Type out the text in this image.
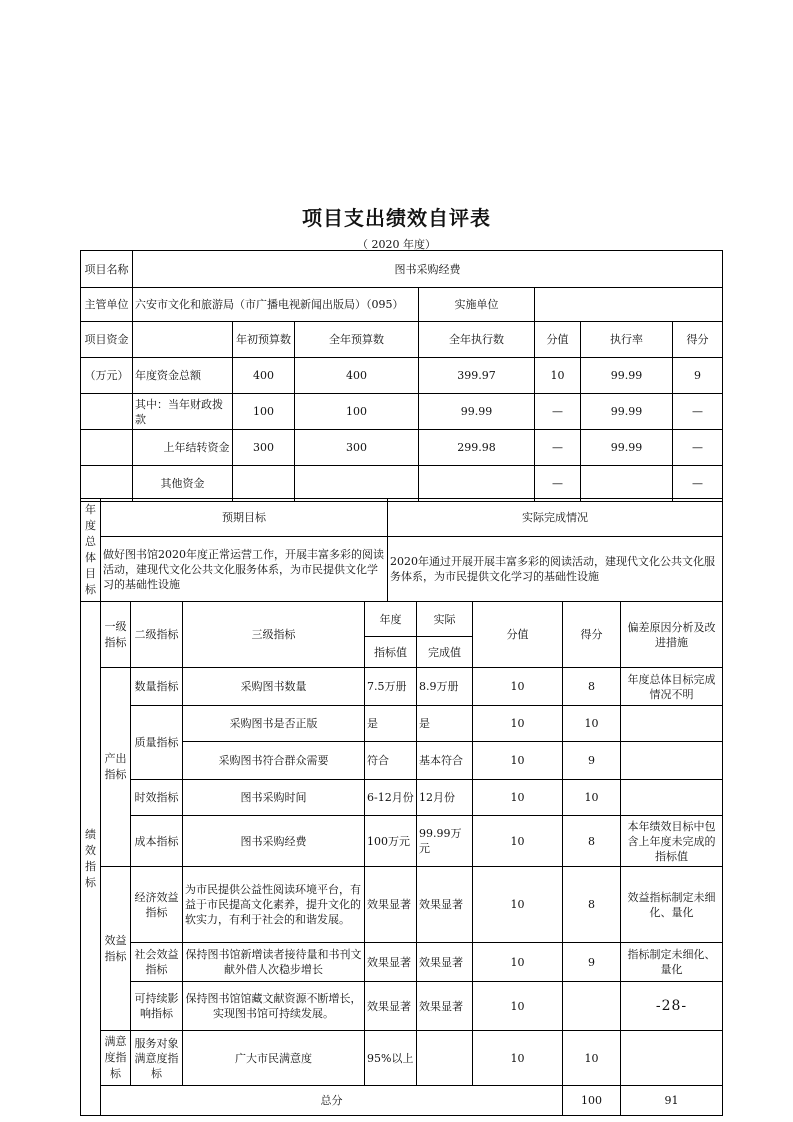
项目支出绩效自评表
（ 2020 年度）
项目名称	图书采购经费						
主管单位	六安市文化和旅游局（市广播电视新闻出版局）（095）			实施单位			
项目资金		年初预算数	全年预算数	全年执行数	分值	执行率	得分
（万元）	年度资金总额	400	400	399.97	10	99.99	9
	其中：当年财政拨款	100	100	99.99	—	99.99	—
	上年结转资金	300	300	299.98	—	99.99	—
	其他资金				—		—
年度总体目标	预期目标	实际完成情况
	做好图书馆2020年度正常运营工作，开展丰富多彩的阅读活动，建现代文化公共文化服务体系，为市民提供文化学习的基础性设施	2020年通过开展开展丰富多彩的阅读活动，建现代文化公共文化服务体系，为市民提供文化学习的基础性设施
绩效指标	一级指标	二级指标	三级指标	年度	实际	分值	得分	偏差原因分析及改进措施	
				指标值	完成值				
	产出指标	数量指标	采购图书数量	7.5万册	8.9万册	10	8	年度总体目标完成情况不明	
		质量指标	采购图书是否正版	是	是	10	10		
			采购图书符合群众需要	符合	基本符合	10	9		
		时效指标	图书采购时间	6-12月份	12月份	10	10		
		成本指标	图书采购经费	100万元	99.99万元	10	8	本年绩效目标中包含上年度未完成的指标值	
	效益指标	经济效益指标	为市民提供公益性阅读环境平台，有益于市民提高文化素养，提升文化的软实力，有利于社会的和谐发展。	效果显著	效果显著	10	8	效益指标制定未细化、量化	
		社会效益指标	保持图书馆新增读者接待量和书刊文献外借人次稳步增长	效果显著	效果显著	10	9	指标制定未细化、量化	
		可持续影响指标	保持图书馆馆藏文献资源不断增长，实现图书馆可持续发展。	效果显著	效果显著	10		-28-	
	满意度指标	服务对象满意度指标	广大市民满意度	95%以上		10	10		
	总分						100	91	
